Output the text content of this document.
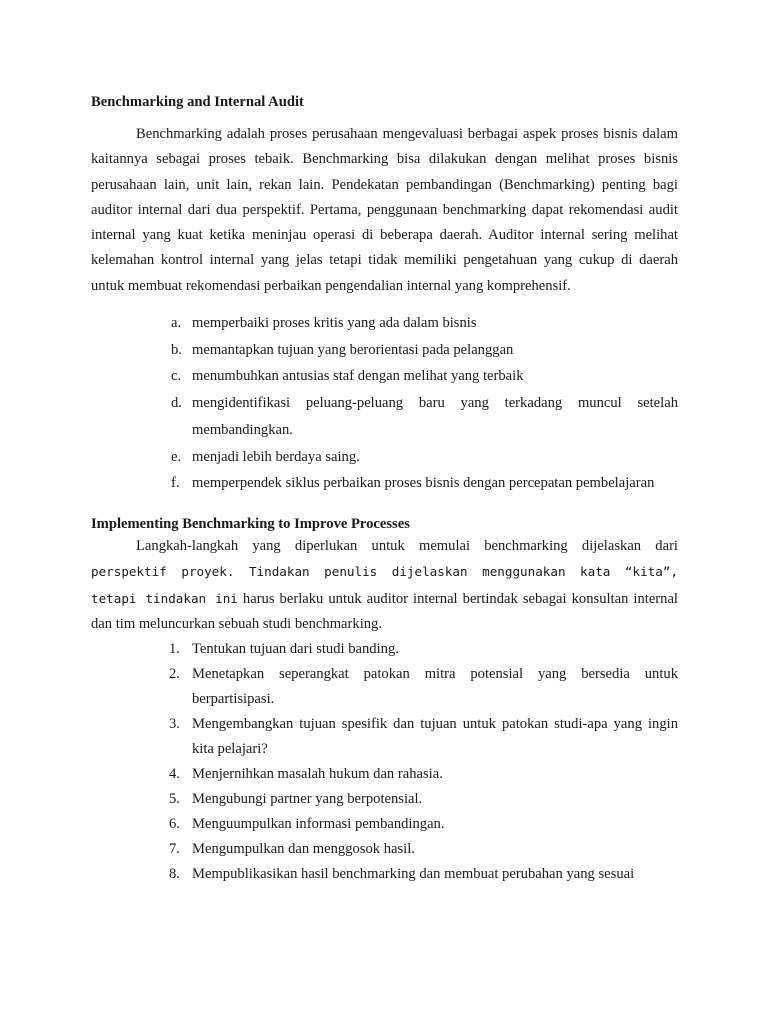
Benchmarking and Internal Audit

Benchmarking adalah proses perusahaan mengevaluasi berbagai aspek proses bisnis dalam kaitannya sebagai proses tebaik. Benchmarking bisa dilakukan dengan melihat proses bisnis perusahaan lain, unit lain, rekan lain. Pendekatan pembandingan (Benchmarking) penting bagi auditor internal dari dua perspektif. Pertama, penggunaan benchmarking dapat rekomendasi audit internal yang kuat ketika meninjau operasi di beberapa daerah. Auditor internal sering melihat kelemahan kontrol internal yang jelas tetapi tidak memiliki pengetahuan yang cukup di daerah untuk membuat rekomendasi perbaikan pengendalian internal yang komprehensif.

a. memperbaiki proses kritis yang ada dalam bisnis
b. memantapkan tujuan yang berorientasi pada pelanggan
c. menumbuhkan antusias staf dengan melihat yang terbaik
d. mengidentifikasi peluang-peluang baru yang terkadang muncul setelah membandingkan.
e. menjadi lebih berdaya saing.
f. memperpendek siklus perbaikan proses bisnis dengan percepatan pembelajaran
Implementing Benchmarking to Improve Processes

Langkah-langkah yang diperlukan untuk memulai benchmarking dijelaskan dari perspektif proyek. Tindakan penulis dijelaskan menggunakan kata “kita”, tetapi tindakan ini harus berlaku untuk auditor internal bertindak sebagai konsultan internal dan tim meluncurkan sebuah studi benchmarking.

1. Tentukan tujuan dari studi banding.
2. Menetapkan seperangkat patokan mitra potensial yang bersedia untuk berpartisipasi.
3. Mengembangkan tujuan spesifik dan tujuan untuk patokan studi-apa yang ingin kita pelajari?
4. Menjernihkan masalah hukum dan rahasia.
5. Mengubungi partner yang berpotensial.
6. Menguumpulkan informasi pembandingan.
7. Mengumpulkan dan menggosok hasil.
8. Mempublikasikan hasil benchmarking dan membuat perubahan yang sesuai
